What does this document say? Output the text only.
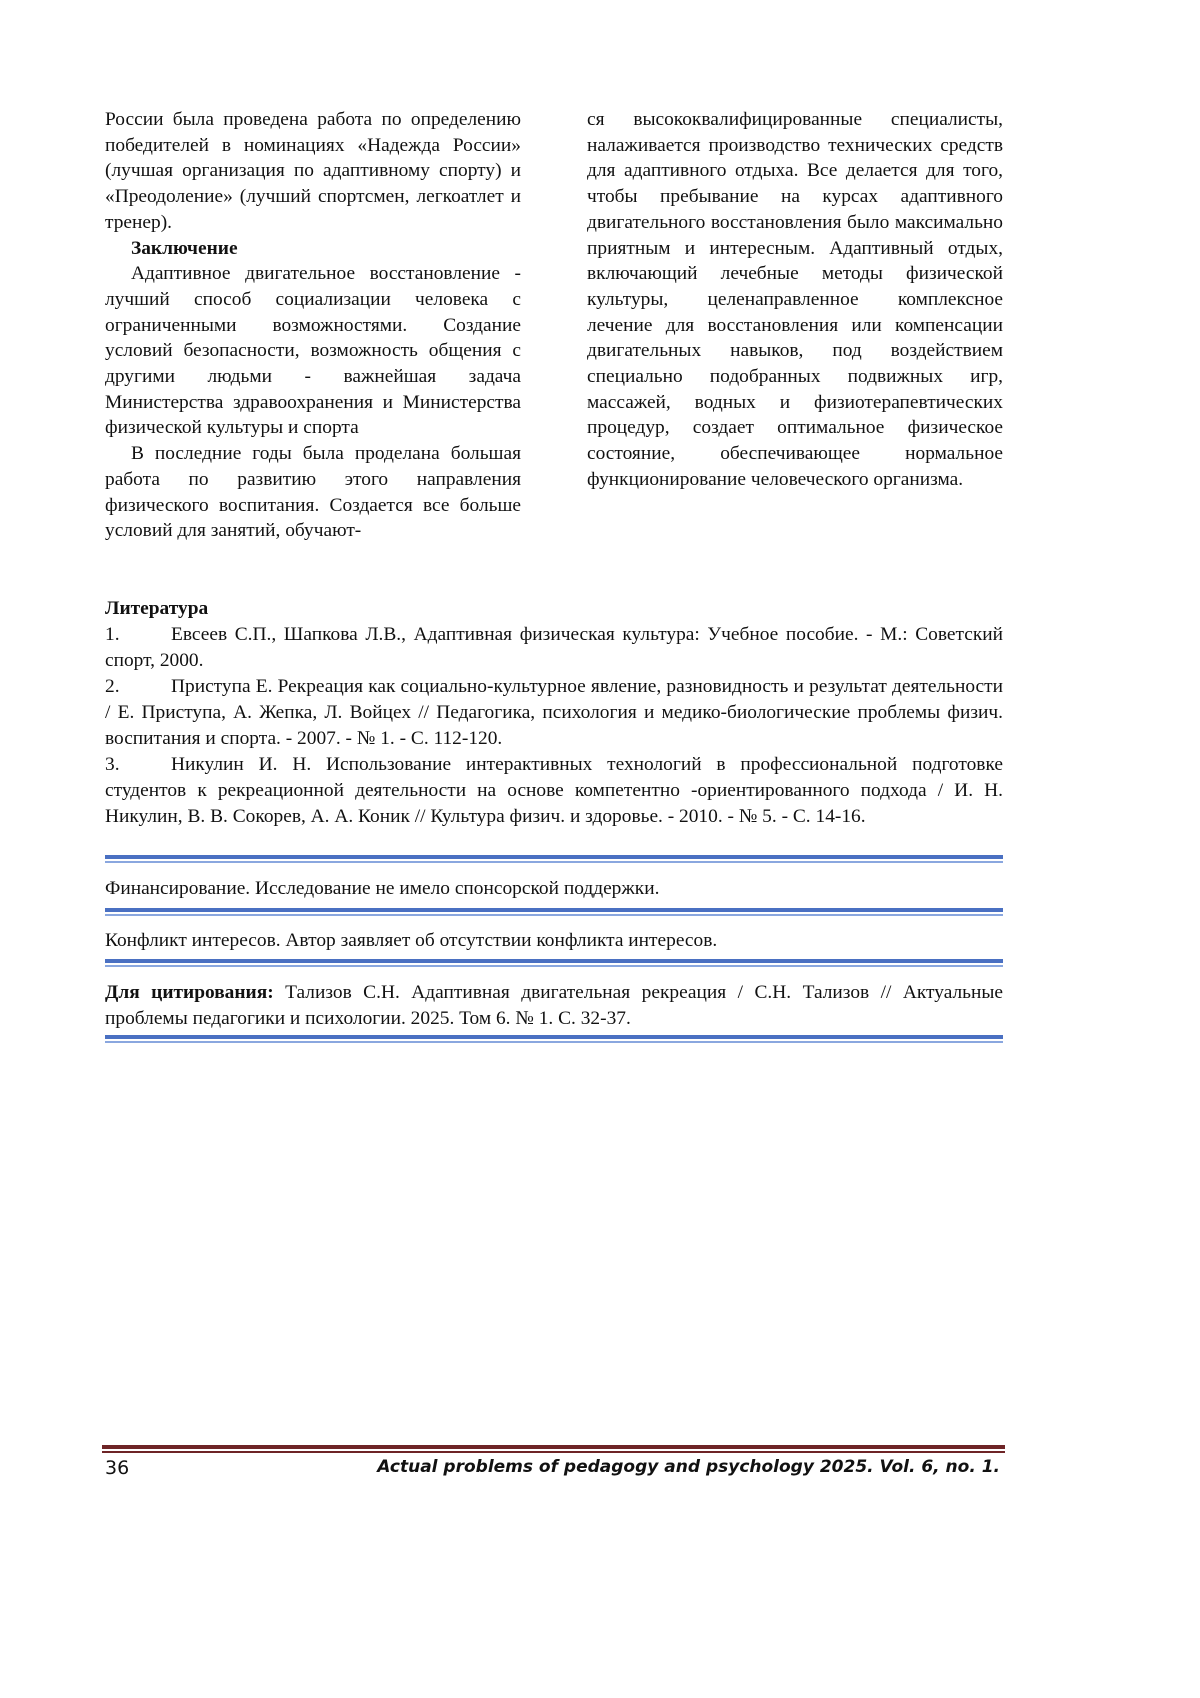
России была проведена работа по определению победителей в номинациях «Надежда России» (лучшая организация по адаптивному спорту) и «Преодоление» (лучший спортсмен, легкоатлет и тренер).

Заключение

Адаптивное двигательное восстановление - лучший способ социализации человека с ограниченными возможностями. Создание условий безопасности, возможность общения с другими людьми - важнейшая задача Министерства здравоохранения и Министерства физической культуры и спорта

В последние годы была проделана большая работа по развитию этого направления физического воспитания. Создается все больше условий для занятий, обучают-

ся высококвалифицированные специалисты, налаживается производство технических средств для адаптивного отдыха. Все делается для того, чтобы пребывание на курсах адаптивного двигательного восстановления было максимально приятным и интересным. Адаптивный отдых, включающий лечебные методы физической культуры, целенаправленное комплексное лечение для восстановления или компенсации двигательных навыков, под воздействием специально подобранных подвижных игр, массажей, водных и физиотерапевтических процедур, создает оптимальное физическое состояние, обеспечивающее нормальное функционирование человеческого организма.

Литература

1.	Евсеев С.П., Шапкова Л.В., Адаптивная физическая культура: Учебное пособие. - М.: Советский спорт, 2000.

2.	Приступа Е. Рекреация как социально-культурное явление, разновидность и результат деятельности / Е. Приступа, А. Жепка, Л. Войцех // Педагогика, психология и медико-биологические проблемы физич. воспитания и спорта. - 2007. - № 1. - С. 112-120.

3.	Никулин И. Н. Использование интерактивных технологий в профессиональной подготовке студентов к рекреационной деятельности на основе компетентно -ориентированного подхода / И. Н. Никулин, В. В. Сокорев, А. А. Коник // Культура физич. и здоровье. - 2010. - № 5. - С. 14-16.

Финансирование. Исследование не имело спонсорской поддержки.

Конфликт интересов. Автор заявляет об отсутствии конфликта интересов.

Для цитирования: Тализов С.Н. Адаптивная двигательная рекреация / С.Н. Тализов // Актуальные проблемы педагогики и психологии. 2025. Том 6. № 1. С. 32-37.

36	Actual problems of pedagogy and psychology 2025. Vol. 6, no. 1.
